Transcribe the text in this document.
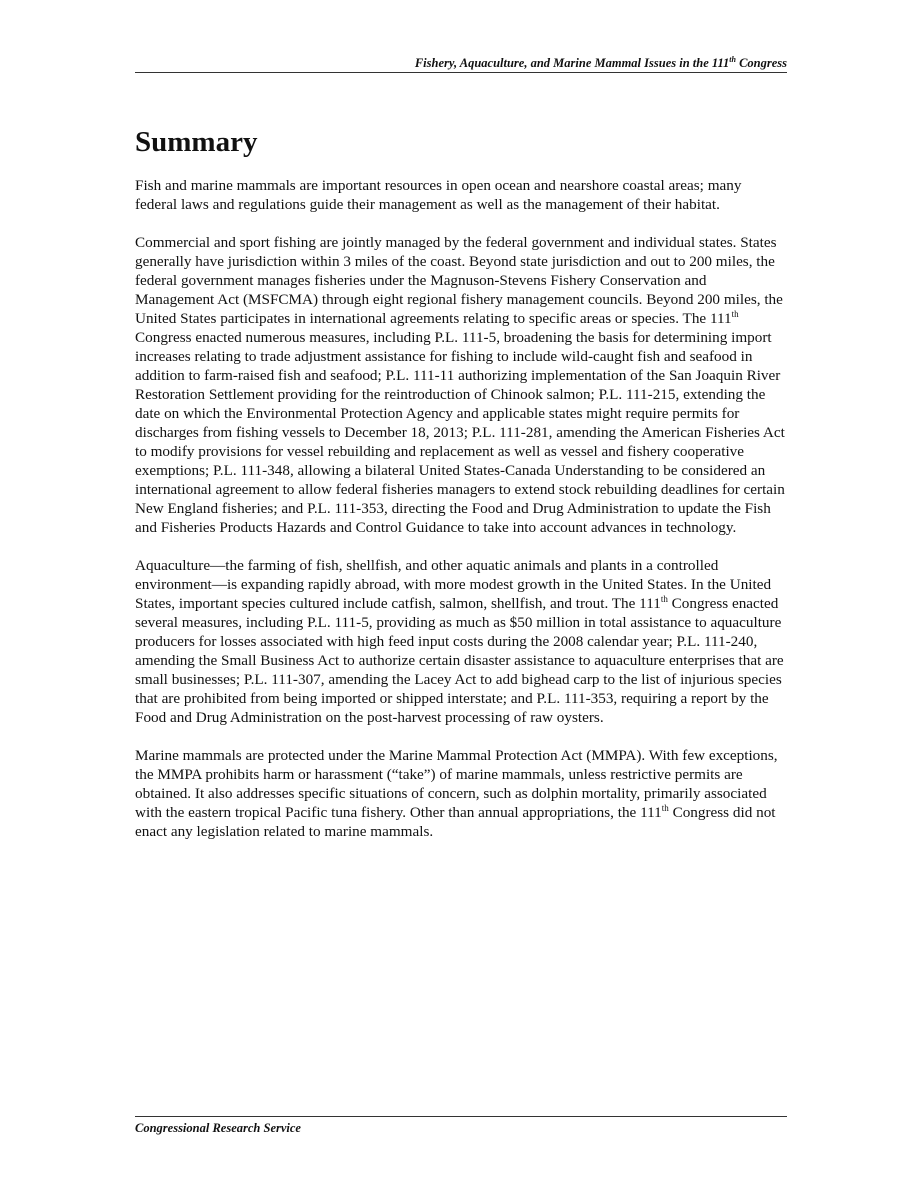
Fishery, Aquaculture, and Marine Mammal Issues in the 111th Congress
Summary

Fish and marine mammals are important resources in open ocean and nearshore coastal areas; many federal laws and regulations guide their management as well as the management of their habitat.

Commercial and sport fishing are jointly managed by the federal government and individual states. States generally have jurisdiction within 3 miles of the coast. Beyond state jurisdiction and out to 200 miles, the federal government manages fisheries under the Magnuson-Stevens Fishery Conservation and Management Act (MSFCMA) through eight regional fishery management councils. Beyond 200 miles, the United States participates in international agreements relating to specific areas or species. The 111th Congress enacted numerous measures, including P.L. 111-5, broadening the basis for determining import increases relating to trade adjustment assistance for fishing to include wild-caught fish and seafood in addition to farm-raised fish and seafood; P.L. 111-11 authorizing implementation of the San Joaquin River Restoration Settlement providing for the reintroduction of Chinook salmon; P.L. 111-215, extending the date on which the Environmental Protection Agency and applicable states might require permits for discharges from fishing vessels to December 18, 2013; P.L. 111-281, amending the American Fisheries Act to modify provisions for vessel rebuilding and replacement as well as vessel and fishery cooperative exemptions; P.L. 111-348, allowing a bilateral United States-Canada Understanding to be considered an international agreement to allow federal fisheries managers to extend stock rebuilding deadlines for certain New England fisheries; and P.L. 111-353, directing the Food and Drug Administration to update the Fish and Fisheries Products Hazards and Control Guidance to take into account advances in technology.

Aquaculture—the farming of fish, shellfish, and other aquatic animals and plants in a controlled environment—is expanding rapidly abroad, with more modest growth in the United States. In the United States, important species cultured include catfish, salmon, shellfish, and trout. The 111th Congress enacted several measures, including P.L. 111-5, providing as much as $50 million in total assistance to aquaculture producers for losses associated with high feed input costs during the 2008 calendar year; P.L. 111-240, amending the Small Business Act to authorize certain disaster assistance to aquaculture enterprises that are small businesses; P.L. 111-307, amending the Lacey Act to add bighead carp to the list of injurious species that are prohibited from being imported or shipped interstate; and P.L. 111-353, requiring a report by the Food and Drug Administration on the post-harvest processing of raw oysters.

Marine mammals are protected under the Marine Mammal Protection Act (MMPA). With few exceptions, the MMPA prohibits harm or harassment (“take”) of marine mammals, unless restrictive permits are obtained. It also addresses specific situations of concern, such as dolphin mortality, primarily associated with the eastern tropical Pacific tuna fishery. Other than annual appropriations, the 111th Congress did not enact any legislation related to marine mammals.

Congressional Research Service
